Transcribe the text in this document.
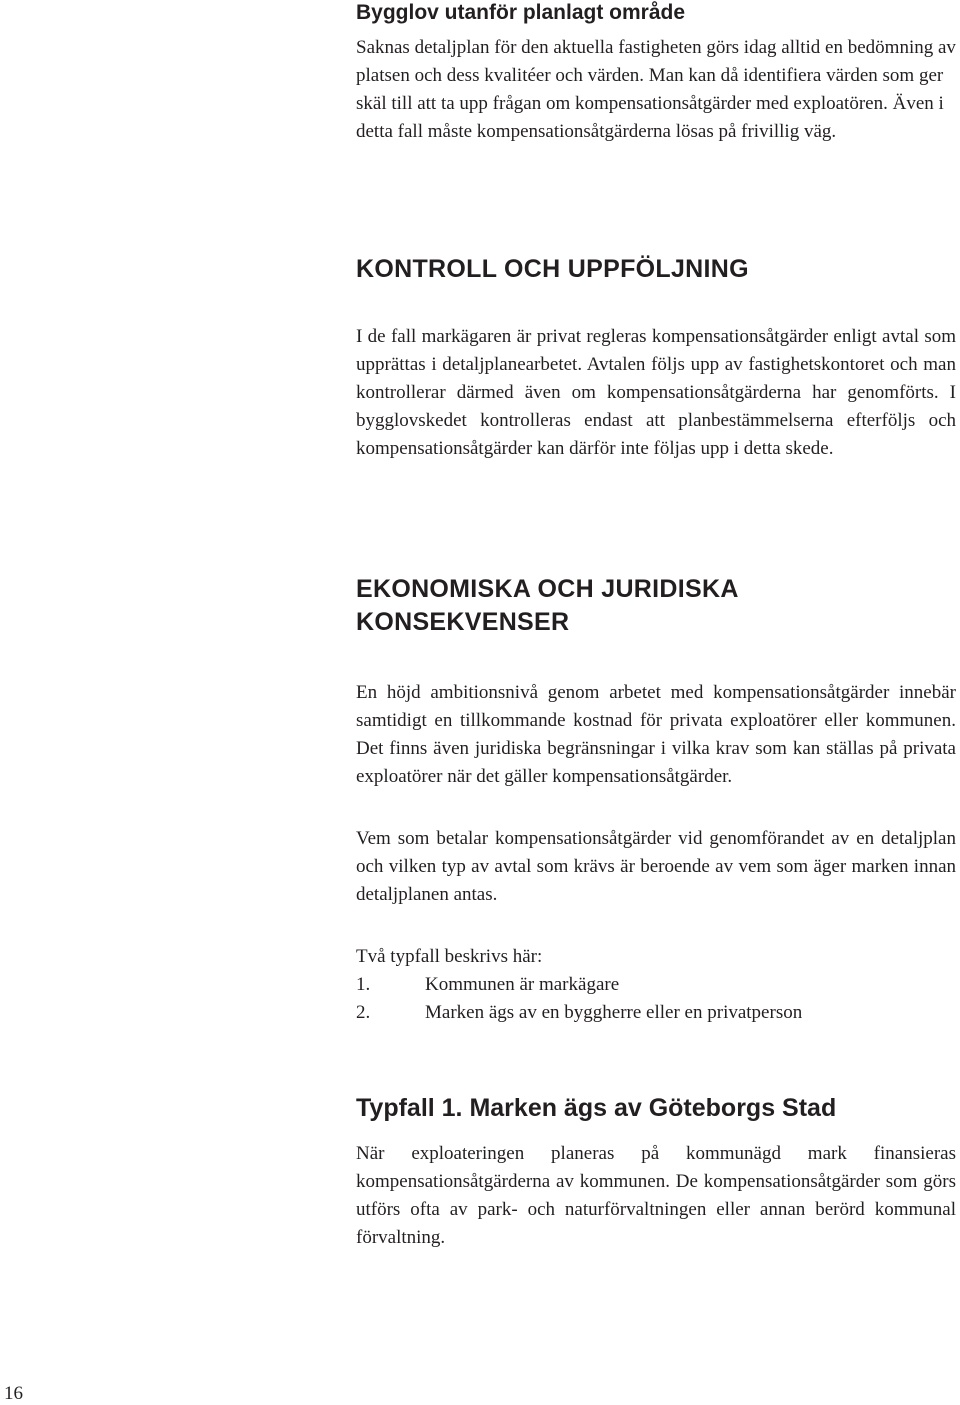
Bygglov utanför planlagt område

Saknas detaljplan för den aktuella fastigheten görs idag alltid en bedömning av platsen och dess kvalitéer och värden. Man kan då identifiera värden som ger skäl till att ta upp frågan om kompensationsåtgärder med exploatören. Även i detta fall måste kompensationsåtgärderna lösas på frivillig väg.

KONTROLL OCH UPPFÖLJNING

I de fall markägaren är privat regleras kompensationsåtgärder enligt avtal som upprättas i detaljplanearbetet. Avtalen följs upp av fastighetskontoret och man kontrollerar därmed även om kompensationsåtgärderna har genomförts. I bygglovskedet kontrolleras endast att planbestämmelserna efterföljs och kompensationsåtgärder kan därför inte följas upp i detta skede.

EKONOMISKA OCH JURIDISKA
KONSEKVENSER

En höjd ambitionsnivå genom arbetet med kompensationsåtgärder innebär samtidigt en tillkommande kostnad för privata exploatörer eller kommunen. Det finns även juridiska begränsningar i vilka krav som kan ställas på privata exploatörer när det gäller kompensationsåtgärder.

Vem som betalar kompensationsåtgärder vid genomförandet av en detaljplan och vilken typ av avtal som krävs är beroende av vem som äger marken innan detaljplanen antas.

Två typfall beskrivs här:

1.	Kommunen är markägare
2.	Marken ägs av en byggherre eller en privatperson
Typfall 1. Marken ägs av Göteborgs Stad

När exploateringen planeras på kommunägd mark finansieras kompensationsåtgärderna av kommunen. De kompensationsåtgärder som görs utförs ofta av park- och naturförvaltningen eller annan berörd kommunal förvaltning.

16
